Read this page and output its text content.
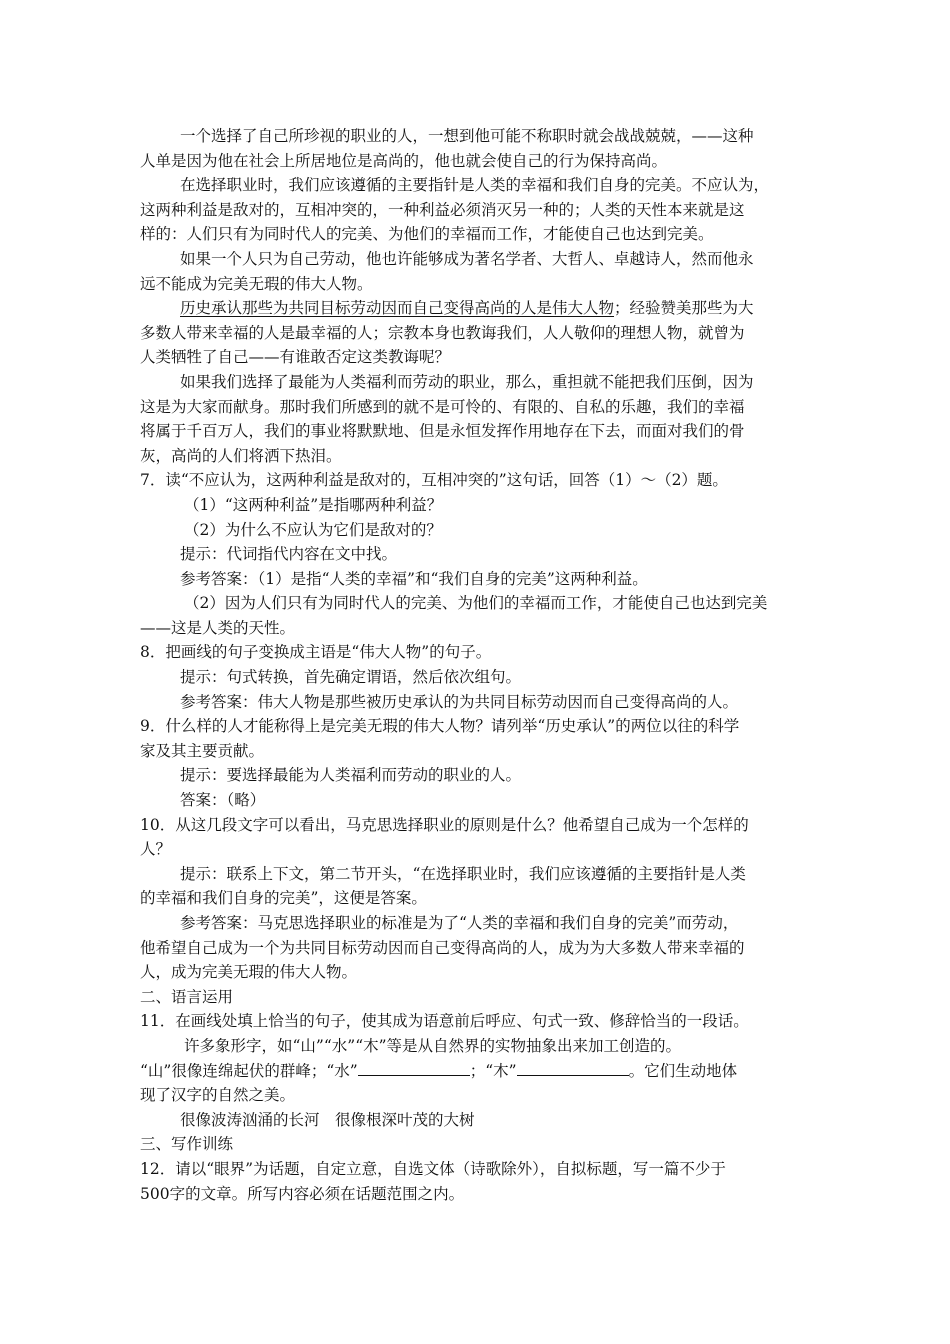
一个选择了自己所珍视的职业的人，一想到他可能不称职时就会战战兢兢，——这种
人单是因为他在社会上所居地位是高尚的，他也就会使自己的行为保持高尚。
在选择职业时，我们应该遵循的主要指针是人类的幸福和我们自身的完美。不应认为，
这两种利益是敌对的，互相冲突的，一种利益必须消灭另一种的；人类的天性本来就是这
样的：人们只有为同时代人的完美、为他们的幸福而工作，才能使自己也达到完美。
如果一个人只为自己劳动，他也许能够成为著名学者、大哲人、卓越诗人，然而他永
远不能成为完美无瑕的伟大人物。
历史承认那些为共同目标劳动因而自己变得高尚的人是伟大人物；经验赞美那些为大
多数人带来幸福的人是最幸福的人；宗教本身也教诲我们，人人敬仰的理想人物，就曾为
人类牺牲了自己——有谁敢否定这类教诲呢？
如果我们选择了最能为人类福利而劳动的职业，那么，重担就不能把我们压倒，因为
这是为大家而献身。那时我们所感到的就不是可怜的、有限的、自私的乐趣，我们的幸福
将属于千百万人，我们的事业将默默地、但是永恒发挥作用地存在下去，而面对我们的骨
灰，高尚的人们将洒下热泪。
7．读“不应认为，这两种利益是敌对的，互相冲突的”这句话，回答（1）～（2）题。
（1）“这两种利益”是指哪两种利益？
（2）为什么不应认为它们是敌对的？
提示：代词指代内容在文中找。
参考答案：（1）是指“人类的幸福”和“我们自身的完美”这两种利益。
（2）因为人们只有为同时代人的完美、为他们的幸福而工作，才能使自己也达到完美
——这是人类的天性。
8．把画线的句子变换成主语是“伟大人物”的句子。
提示：句式转换，首先确定谓语，然后依次组句。
参考答案：伟大人物是那些被历史承认的为共同目标劳动因而自己变得高尚的人。
9．什么样的人才能称得上是完美无瑕的伟大人物？请列举“历史承认”的两位以往的科学
家及其主要贡献。
提示：要选择最能为人类福利而劳动的职业的人。
答案：（略）
10．从这几段文字可以看出，马克思选择职业的原则是什么？他希望自己成为一个怎样的
人？
提示：联系上下文，第二节开头，“在选择职业时，我们应该遵循的主要指针是人类
的幸福和我们自身的完美”，这便是答案。
参考答案：马克思选择职业的标准是为了“人类的幸福和我们自身的完美”而劳动，
他希望自己成为一个为共同目标劳动因而自己变得高尚的人，成为为大多数人带来幸福的
人，成为完美无瑕的伟大人物。
二、语言运用
11．在画线处填上恰当的句子，使其成为语意前后呼应、句式一致、修辞恰当的一段话。
许多象形字，如“山”“水”“木”等是从自然界的实物抽象出来加工创造的。
“山”很像连绵起伏的群峰；“水”	；“木”	。它们生动地体
现了汉字的自然之美。
很像波涛汹涌的长河　很像根深叶茂的大树
三、写作训练
12．请以“眼界”为话题，自定立意，自选文体（诗歌除外），自拟标题，写一篇不少于
500字的文章。所写内容必须在话题范围之内。
